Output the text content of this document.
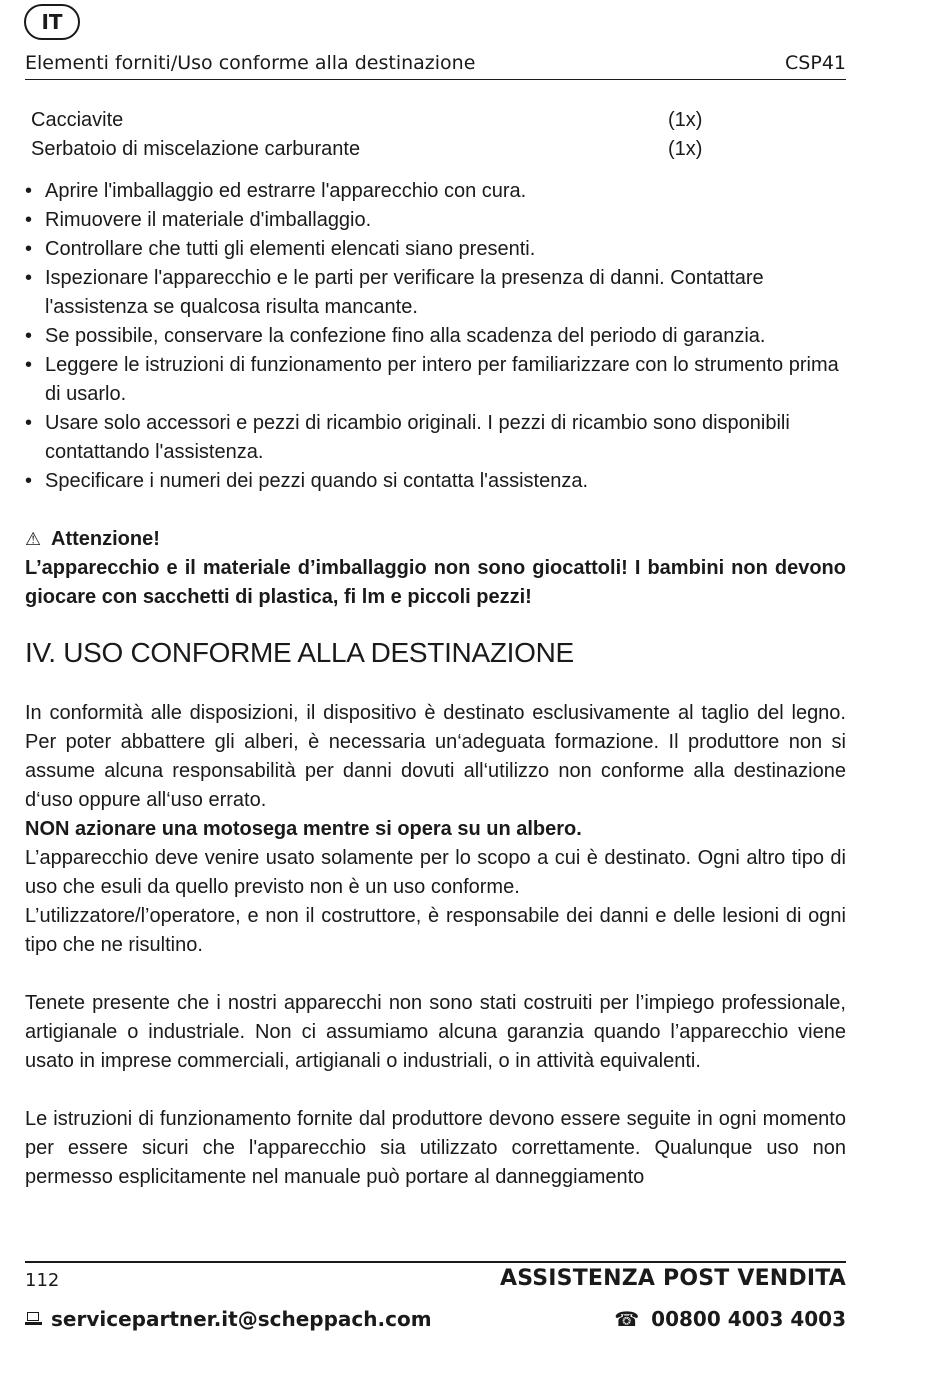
IT
Elementi forniti/Uso conforme alla destinazione	CSP41
Cacciavite	(1x)
Serbatoio di miscelazione carburante	(1x)
• Aprire l'imballaggio ed estrarre l'apparecchio con cura.
• Rimuovere il materiale d'imballaggio.
• Controllare che tutti gli elementi elencati siano presenti.
• Ispezionare l'apparecchio e le parti per verificare la presenza di danni. Contattare l'assistenza se qualcosa risulta mancante.
• Se possibile, conservare la confezione fino alla scadenza del periodo di garanzia.
• Leggere le istruzioni di funzionamento per intero per familiarizzare con lo strumento prima di usarlo.
• Usare solo accessori e pezzi di ricambio originali. I pezzi di ricambio sono disponibili contattando l'assistenza.
• Specificare i numeri dei pezzi quando si contatta l'assistenza.
⚠ Attenzione!

L’apparecchio e il materiale d’imballaggio non sono giocattoli! I bambini non devono giocare con sacchetti di plastica, fi lm e piccoli pezzi!

IV. USO CONFORME ALLA DESTINAZIONE

In conformità alle disposizioni, il dispositivo è destinato esclusivamente al taglio del legno. Per poter abbattere gli alberi, è necessaria un‘adeguata formazione. Il produttore non si assume alcuna responsabilità per danni dovuti all‘utilizzo non conforme alla destinazione d‘uso oppure all‘uso errato.

NON azionare una motosega mentre si opera su un albero.

L’apparecchio deve venire usato solamente per lo scopo a cui è destinato. Ogni altro tipo di uso che esuli da quello previsto non è un uso conforme.

L’utilizzatore/l’operatore, e non il costruttore, è responsabile dei danni e delle lesioni di ogni tipo che ne risultino.

Tenete presente che i nostri apparecchi non sono stati costruiti per l’impiego professionale, artigianale o industriale. Non ci assumiamo alcuna garanzia quando l’apparecchio viene usato in imprese commerciali, artigianali o industriali, o in attività equivalenti.

Le istruzioni di funzionamento fornite dal produttore devono essere seguite in ogni momento per essere sicuri che l'apparecchio sia utilizzato correttamente. Qualunque uso non permesso esplicitamente nel manuale può portare al danneggiamento

112	ASSISTENZA POST VENDITA
servicepartner.it@scheppach.com	☎ 00800 4003 4003
